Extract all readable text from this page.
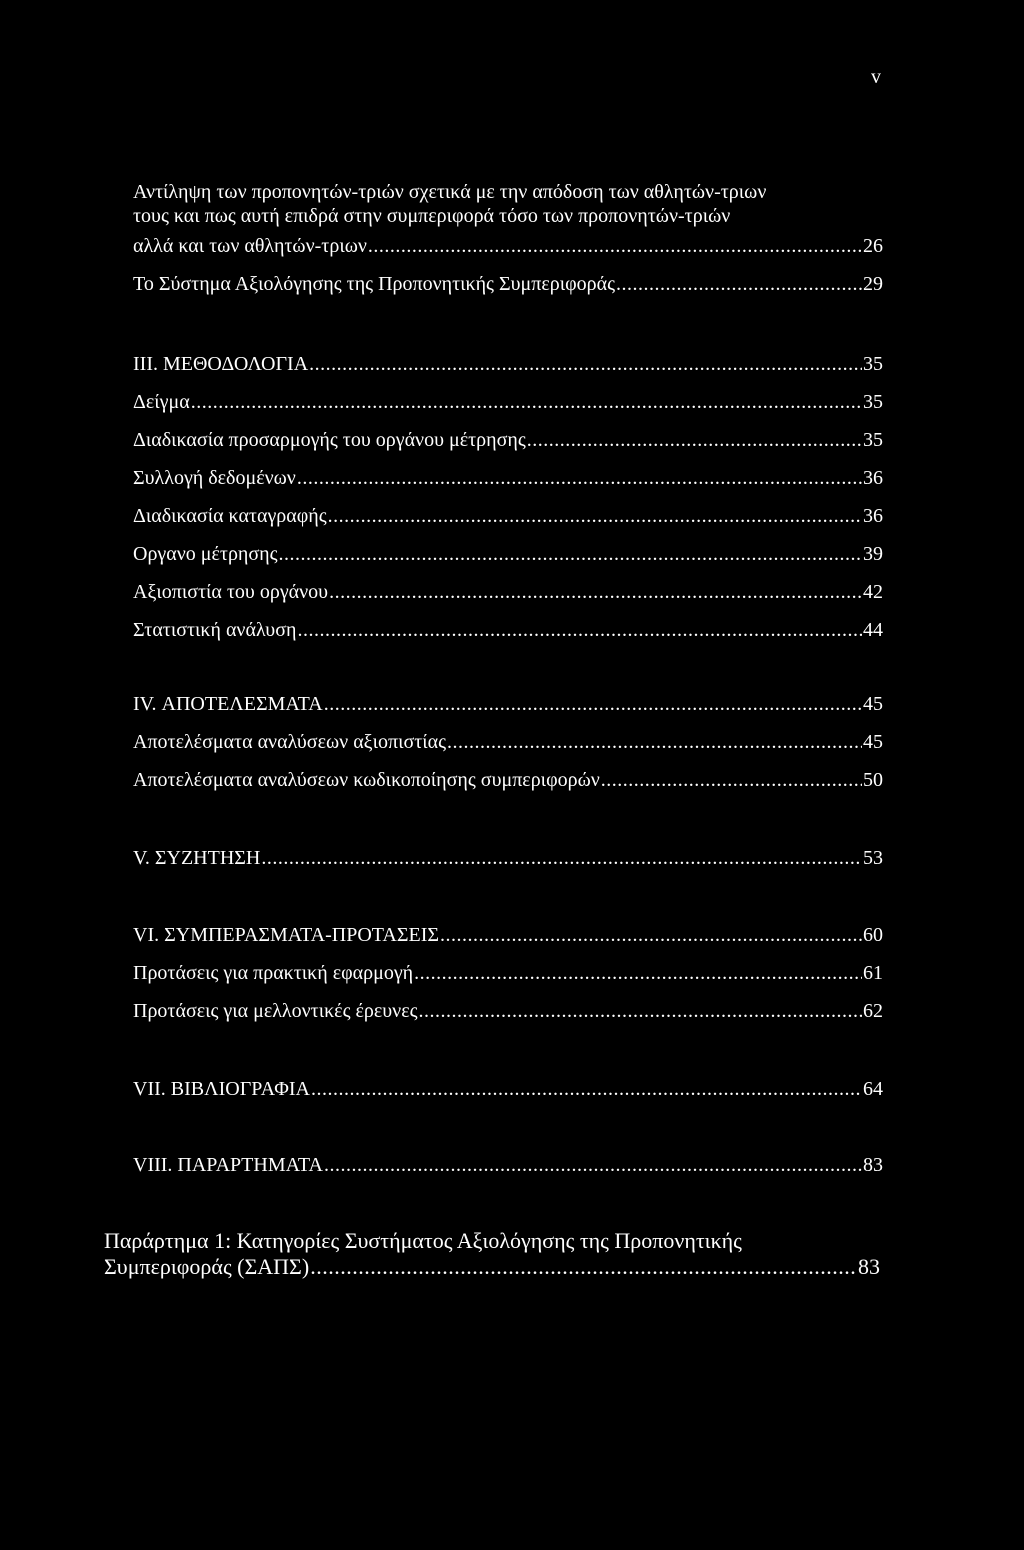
v
Αντίληψη των προπονητών-τριών σχετικά με την απόδοση των αθλητών-τριων
τους και πως αυτή επιδρά στην συμπεριφορά τόσο των προπονητών-τριών
αλλά και των αθλητών-τριων .....	26
Το Σύστημα Αξιολόγησης της Προπονητικής Συμπεριφοράς .....	29
III. ΜΕΘΟΔΟΛΟΓΙΑ .....	35
Δείγμα .....	35
Διαδικασία προσαρμογής του οργάνου μέτρησης .....	35
Συλλογή δεδομένων .....	36
Διαδικασία καταγραφής .....	36
Οργανο μέτρησης .....	39
Αξιοπιστία του οργάνου .....	42
Στατιστική ανάλυση .....	44
IV. ΑΠΟΤΕΛΕΣΜΑΤΑ .....	45
Αποτελέσματα αναλύσεων αξιοπιστίας .....	45
Αποτελέσματα αναλύσεων κωδικοποίησης συμπεριφορών .....	50
V. ΣΥΖΗΤΗΣΗ .....	53
VI. ΣΥΜΠΕΡΑΣΜΑΤΑ-ΠΡΟΤΑΣΕΙΣ .....	60
Προτάσεις για πρακτική εφαρμογή .....	61
Προτάσεις για μελλοντικές έρευνες .....	62
VII. ΒΙΒΛΙΟΓΡΑΦΙΑ .....	64
VIII. ΠΑΡΑΡΤΗΜΑΤΑ .....	83
Παράρτημα 1: Κατηγορίες Συστήματος Αξιολόγησης της Προπονητικής
Συμπεριφοράς (ΣΑΠΣ) .....	83
